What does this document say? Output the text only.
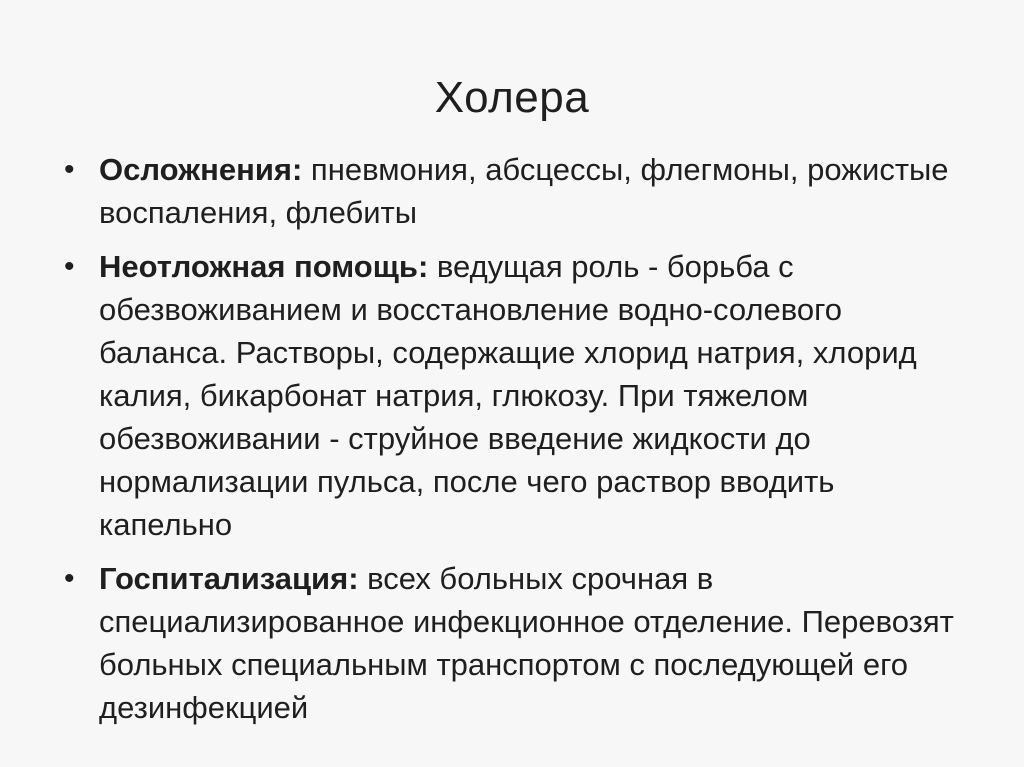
Холера
• Осложнения: пневмония, абсцессы, флегмоны, рожистые воспаления, флебиты
• Неотложная помощь: ведущая роль - борьба с обезвоживанием и восстановление водно-солевого баланса. Растворы, содержащие хлорид натрия, хлорид калия, бикарбонат натрия, глюкозу. При тяжелом обезвоживании - струйное введение жидкости до нормализации пульса, после чего раствор вводить капельно
• Госпитализация: всех больных срочная в специализированное инфекционное отделение. Перевозят больных специальным транспортом с последующей его дезинфекцией
